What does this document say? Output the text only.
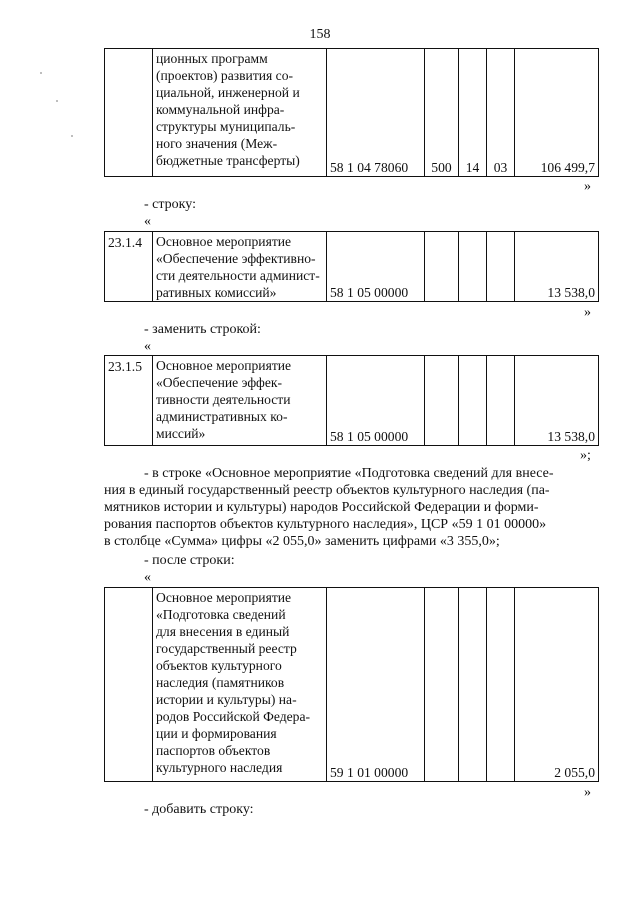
158

ционных программ
(проектов) развития со-
циальной, инженерной и
коммунальной инфра-
структуры муниципаль-
ного значения (Меж-
бюджетные трансферты)	58 1 04 78060	500	14	03	106 499,7
»
- строку:
«
23.1.4	Основное мероприятие
«Обеспечение эффективно-
сти деятельности админист-
ративных комиссий»	58 1 05 00000				13 538,0
»
- заменить строкой:
«
23.1.5	Основное мероприятие
«Обеспечение эффек-
тивности деятельности
административных ко-
миссий»	58 1 05 00000				13 538,0
»;

- в строке «Основное мероприятие «Подготовка сведений для внесе-

ния в единый государственный реестр объектов культурного наследия (па-

мятников истории и культуры) народов Российской Федерации и форми-

рования паспортов объектов культурного наследия», ЦСР «59 1 01 00000»

в столбце «Сумма» цифры «2 055,0» заменить цифрами «3 355,0»;

- после строки:
«

Основное мероприятие
«Подготовка сведений
для внесения в единый
государственный реестр
объектов культурного
наследия (памятников
истории и культуры) на-
родов Российской Федера-
ции и формирования
паспортов объектов
культурного наследия	59 1 01 00000				2 055,0
»
- добавить строку:
